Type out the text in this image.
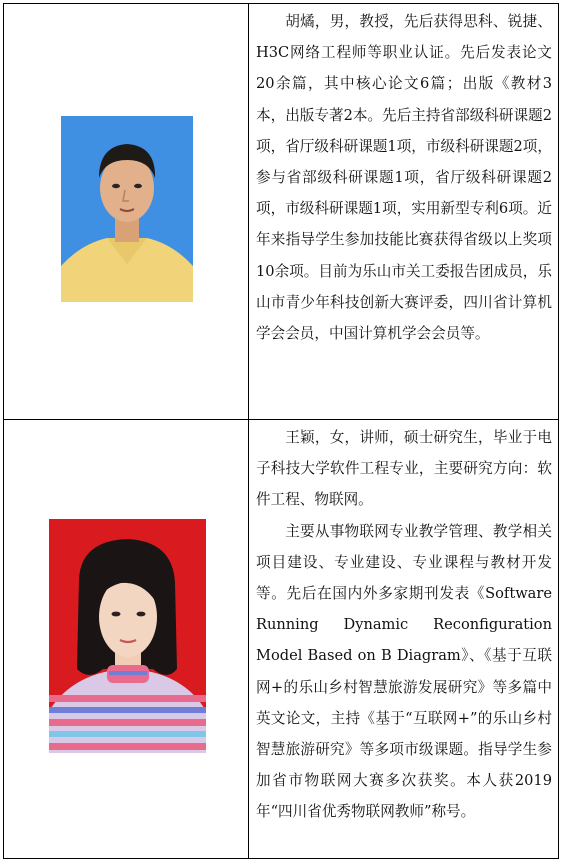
胡燏，男，教授，先后获得思科、锐捷、H3C网络工程师等职业认证。先后发表论文20余篇，其中核心论文6篇；出版《教材3本，出版专著2本。先后主持省部级科研课题2项，省厅级科研课题1项，市级科研课题2项，参与省部级科研课题1项，省厅级科研课题2项，市级科研课题1项，实用新型专利6项。近年来指导学生参加技能比赛获得省级以上奖项10余项。目前为乐山市关工委报告团成员，乐山市青少年科技创新大赛评委，四川省计算机学会会员，中国计算机学会会员等。

王颖，女，讲师，硕士研究生，毕业于电子科技大学软件工程专业，主要研究方向：软件工程、物联网。

主要从事物联网专业教学管理、教学相关项目建设、专业建设、专业课程与教材开发等。先后在国内外多家期刊发表《Software Running Dynamic Reconfiguration Model Based on B Diagram》、《基于互联网+的乐山乡村智慧旅游发展研究》等多篇中英文论文，主持《基于“互联网+”的乐山乡村智慧旅游研究》等多项市级课题。指导学生参加省市物联网大赛多次获奖。本人获2019年“四川省优秀物联网教师”称号。
